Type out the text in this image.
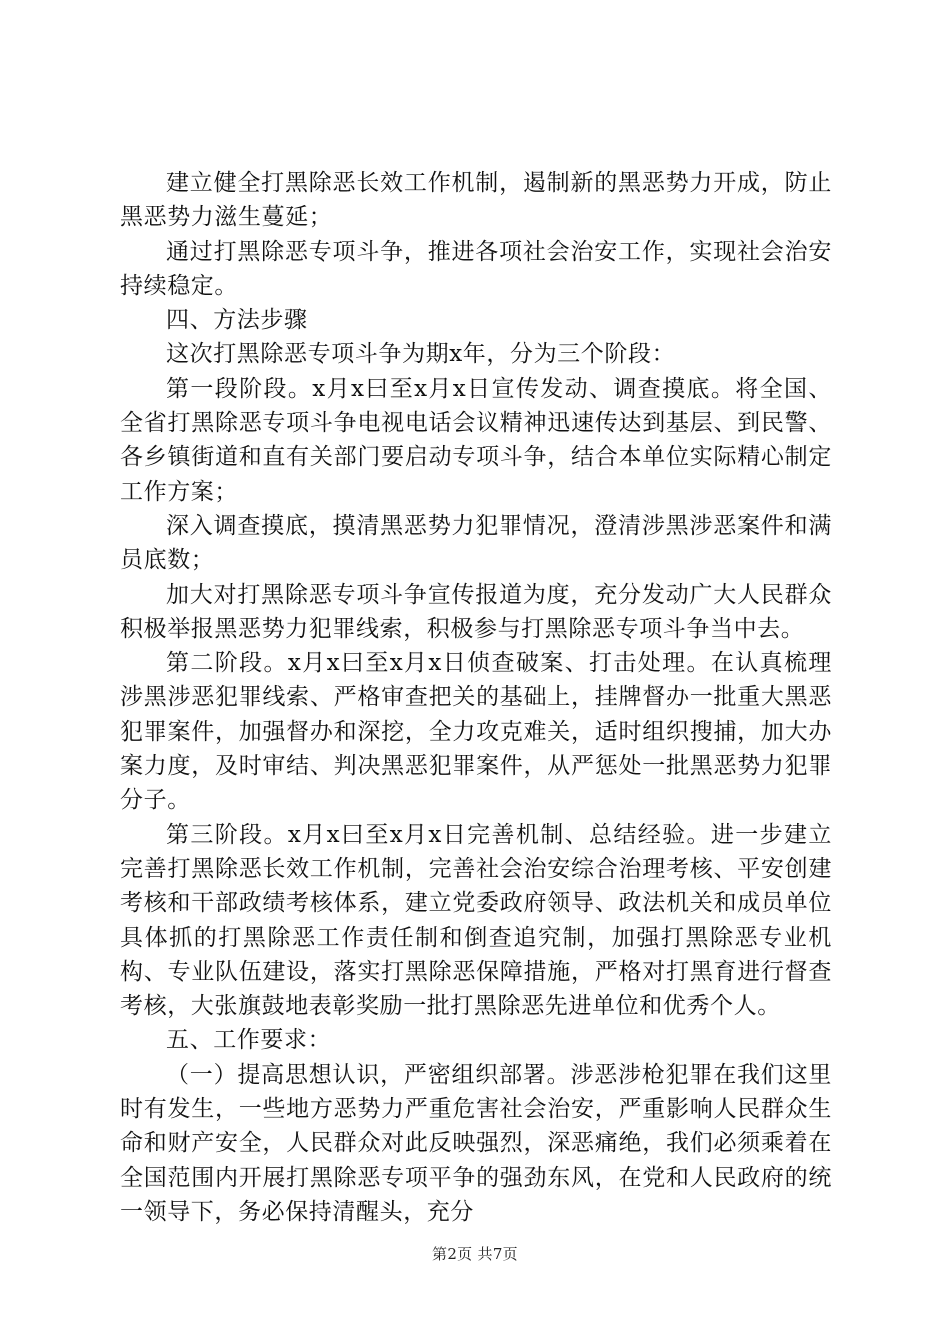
建立健全打黑除恶长效工作机制，遏制新的黑恶势力开成，防止黑恶势力滋生蔓延；

通过打黑除恶专项斗争，推进各项社会治安工作，实现社会治安持续稳定。

四、方法步骤

这次打黑除恶专项斗争为期x年，分为三个阶段：

第一段阶段。x月x曰至x月x日宣传发动、调查摸底。将全国、全省打黑除恶专项斗争电视电话会议精神迅速传达到基层、到民警、各乡镇街道和直有关部门要启动专项斗争，结合本单位实际精心制定工作方案；

深入调查摸底，摸清黑恶势力犯罪情况，澄清涉黑涉恶案件和满员底数；

加大对打黑除恶专项斗争宣传报道为度，充分发动广大人民群众积极举报黑恶势力犯罪线索，积极参与打黑除恶专项斗争当中去。

第二阶段。x月x曰至x月x日侦查破案、打击处理。在认真梳理涉黑涉恶犯罪线索、严格审查把关的基础上，挂牌督办一批重大黑恶犯罪案件，加强督办和深挖，全力攻克难关，适时组织搜捕，加大办案力度，及时审结、判决黑恶犯罪案件，从严惩处一批黑恶势力犯罪分子。

第三阶段。x月x曰至x月x日完善机制、总结经验。进一步建立完善打黑除恶长效工作机制，完善社会治安综合治理考核、平安创建考核和干部政绩考核体系，建立党委政府领导、政法机关和成员单位具体抓的打黑除恶工作责任制和倒查追究制，加强打黑除恶专业机构、专业队伍建设，落实打黑除恶保障措施，严格对打黑育进行督查考核，大张旗鼓地表彰奖励一批打黑除恶先进单位和优秀个人。

五、工作要求：

（一）提高思想认识，严密组织部署。涉恶涉枪犯罪在我们这里时有发生，一些地方恶势力严重危害社会治安，严重影响人民群众生命和财产安全，人民群众对此反映强烈，深恶痛绝，我们必须乘着在全国范围内开展打黑除恶专项平争的强劲东风，在党和人民政府的统一领导下，务必保持清醒头，充分

第2页 共7页
